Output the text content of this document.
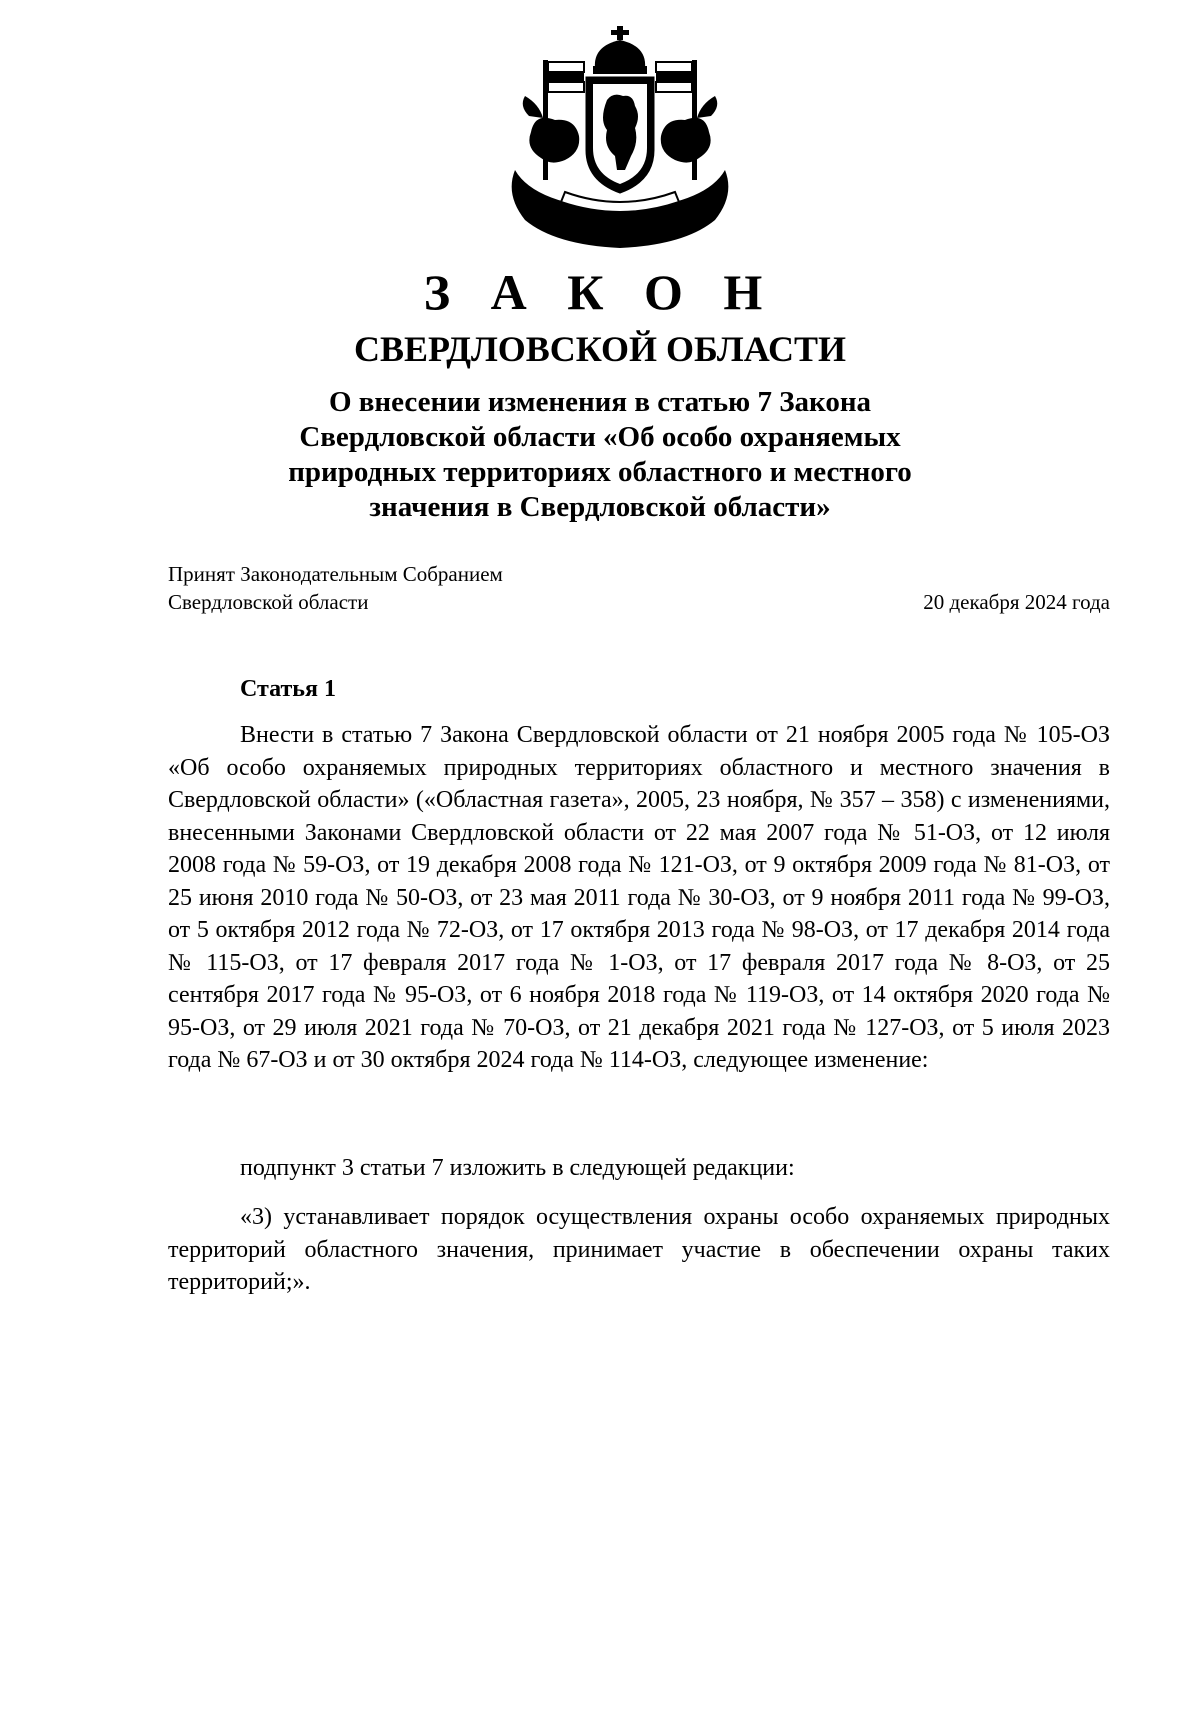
З А К О Н
СВЕРДЛОВСКОЙ ОБЛАСТИ
О внесении изменения в статью 7 Закона
Свердловской области «Об особо охраняемых
природных территориях областного и местного
значения в Свердловской области»
Принят Законодательным Собранием
Свердловской области	20 декабря 2024 года
Статья 1

Внести в статью 7 Закона Свердловской области от 21 ноября 2005 года № 105-ОЗ «Об особо охраняемых природных территориях областного и местного значения в Свердловской области» («Областная газета», 2005, 23 ноября, № 357 – 358) с изменениями, внесенными Законами Свердловской области от 22 мая 2007 года № 51-ОЗ, от 12 июля 2008 года № 59-ОЗ, от 19 декабря 2008 года № 121-ОЗ, от 9 октября 2009 года № 81-ОЗ, от 25 июня 2010 года № 50-ОЗ, от 23 мая 2011 года № 30-ОЗ, от 9 ноября 2011 года № 99-ОЗ, от 5 октября 2012 года № 72-ОЗ, от 17 октября 2013 года № 98-ОЗ, от 17 декабря 2014 года № 115-ОЗ, от 17 февраля 2017 года № 1-ОЗ, от 17 февраля 2017 года № 8-ОЗ, от 25 сентября 2017 года № 95-ОЗ, от 6 ноября 2018 года № 119-ОЗ, от 14 октября 2020 года № 95-ОЗ, от 29 июля 2021 года № 70-ОЗ, от 21 декабря 2021 года № 127-ОЗ, от 5 июля 2023 года № 67-ОЗ и от 30 октября 2024 года № 114-ОЗ, следующее изменение:

подпункт 3 статьи 7 изложить в следующей редакции:

«3) устанавливает порядок осуществления охраны особо охраняемых природных территорий областного значения, принимает участие в обеспечении охраны таких территорий;».
